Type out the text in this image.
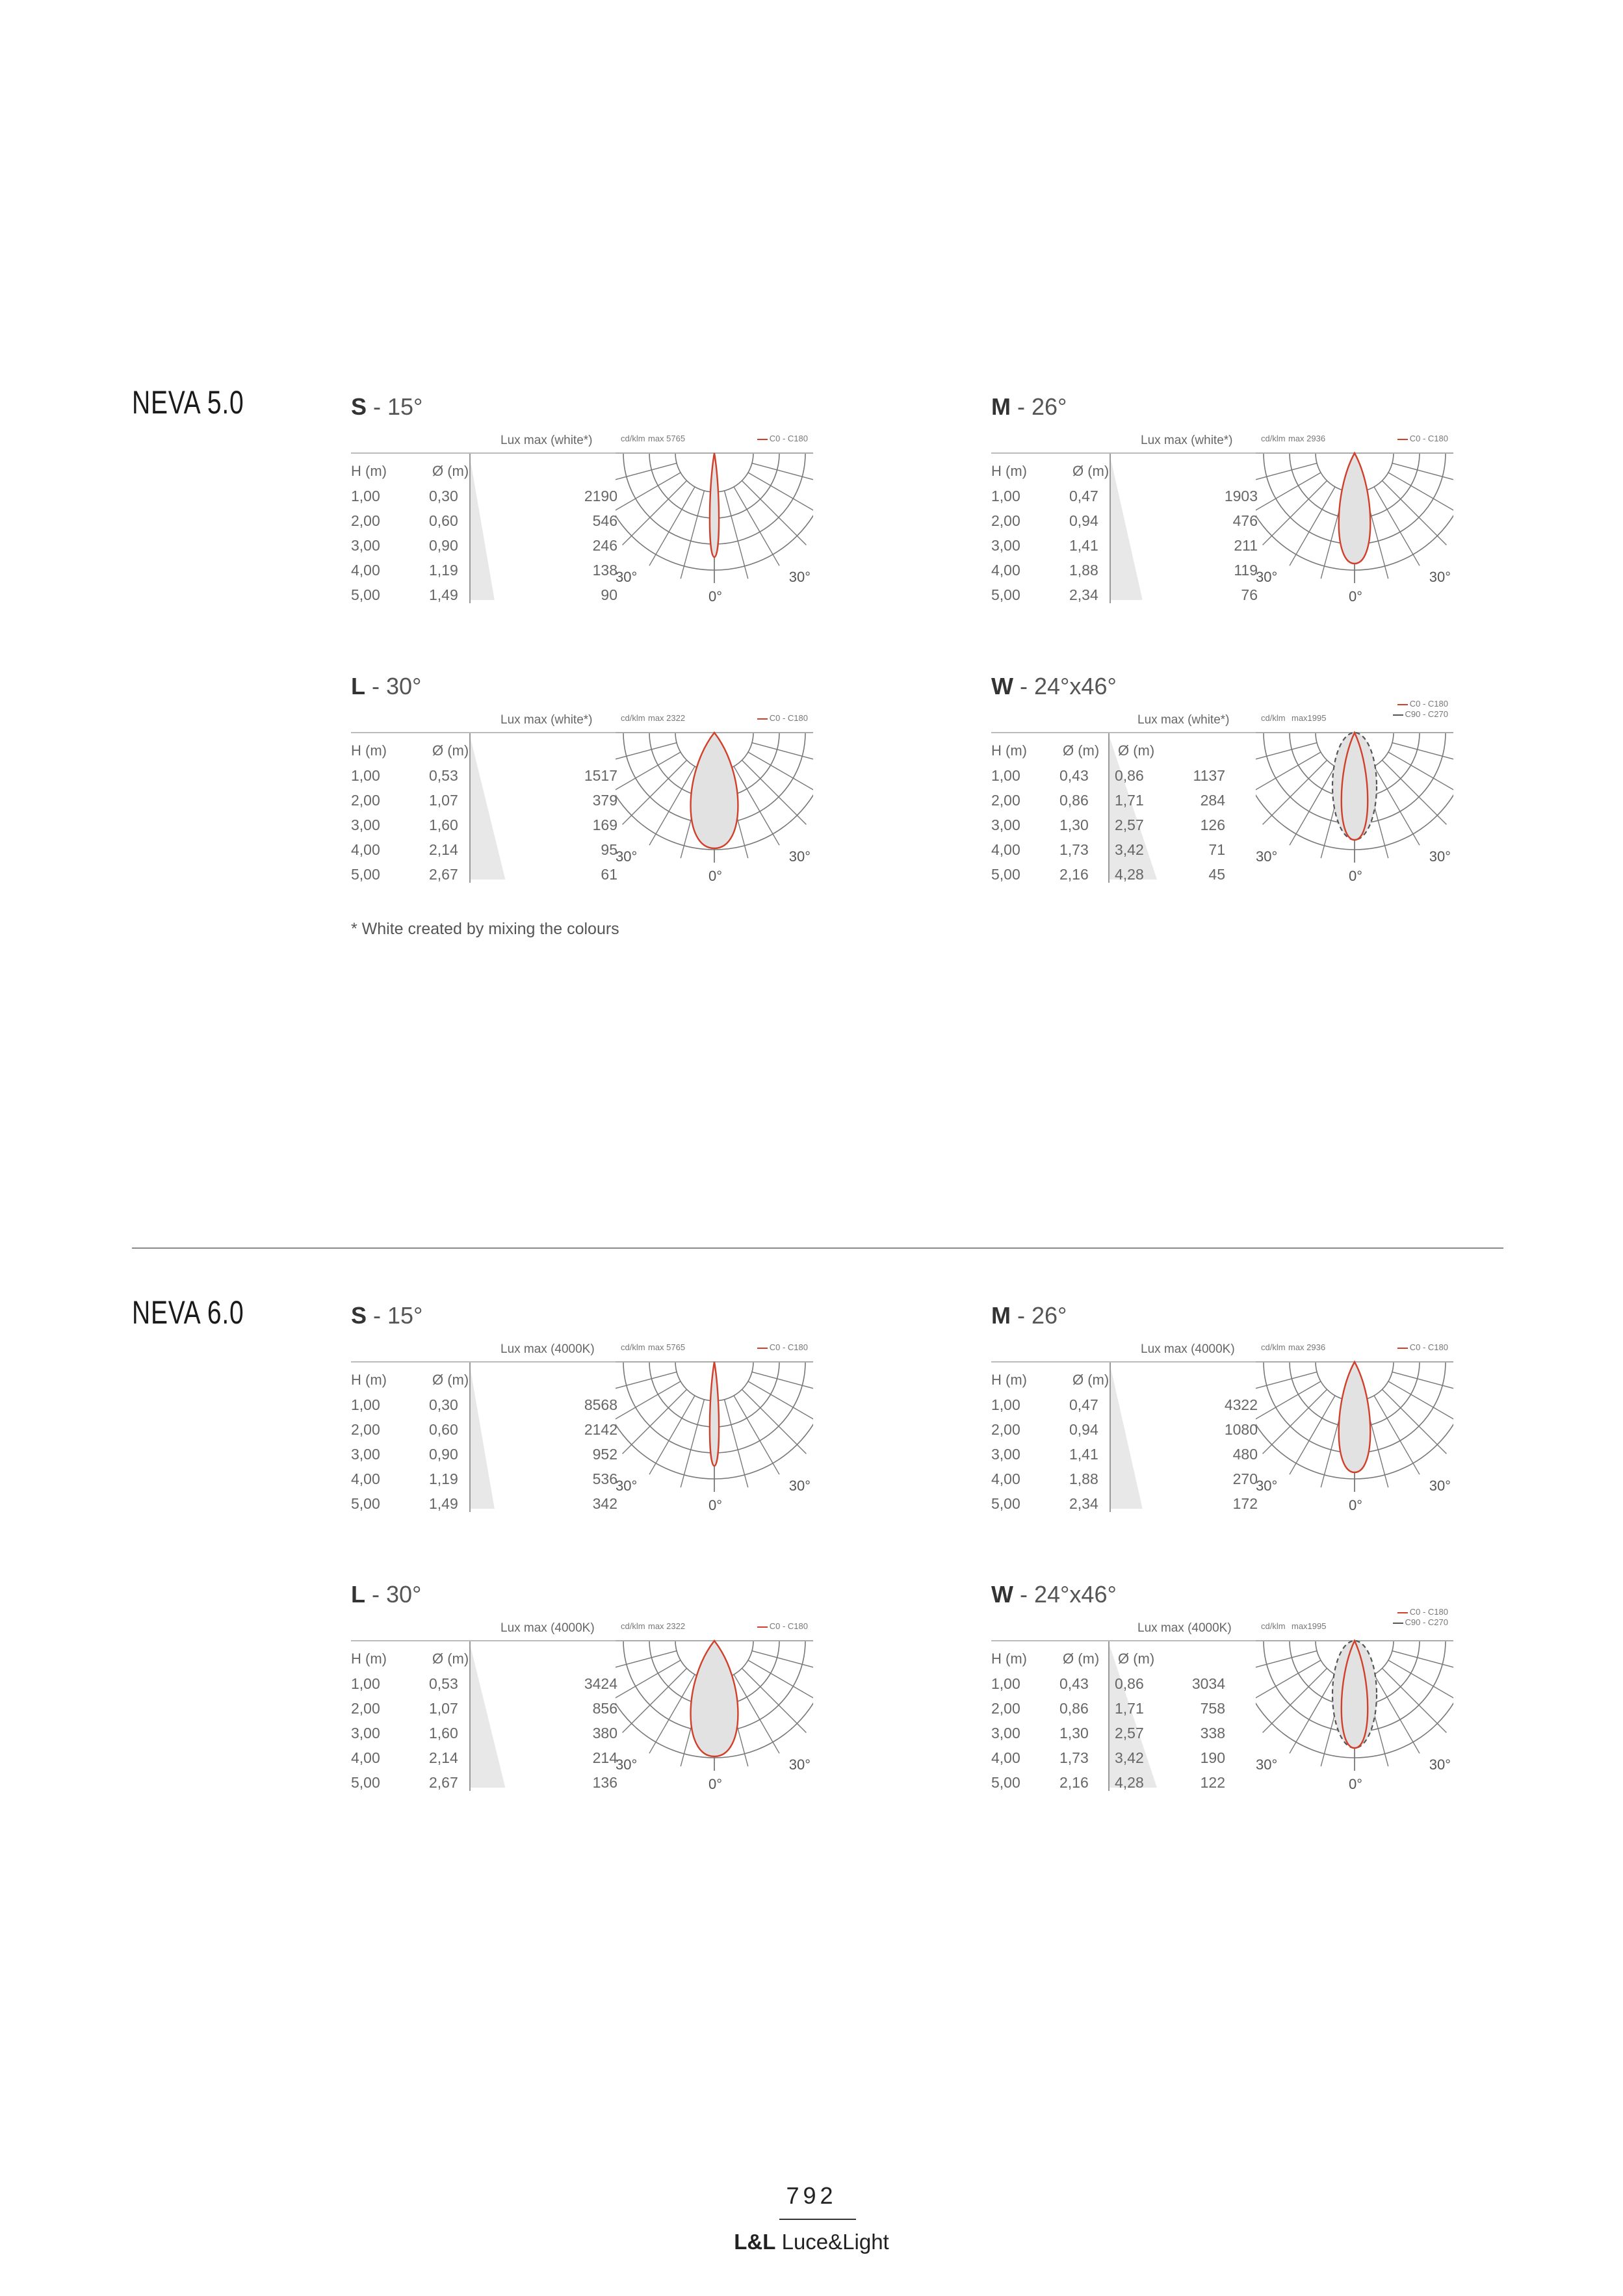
NEVA 5.0
NEVA 6.0
S - 15°
Lux max (white*)
H (m)	Ø (m)
1,00	0,30	2190
2,00	0,60	546
3,00	0,90	246
4,00	1,19	138
5,00	1,49	90
cd/klm max 5765	C0 - C180
30°	30°
0°
M - 26°
Lux max (white*)
H (m)	Ø (m)
1,00	0,47	1903
2,00	0,94	476
3,00	1,41	211
4,00	1,88	119
5,00	2,34	76
cd/klm max 2936	C0 - C180
30°	30°
0°
L - 30°
Lux max (white*)
H (m)	Ø (m)
1,00	0,53	1517
2,00	1,07	379
3,00	1,60	169
4,00	2,14	95
5,00	2,67	61
cd/klm max 2322	C0 - C180
30°	30°
0°
W - 24°x46°
Lux max (white*)
H (m)	Ø (m) Ø (m)
1,00	0,43	0,86	1137
2,00	0,86	1,71	284
3,00	1,30	2,57	126
4,00	1,73	3,42	71
5,00	2,16	4,28	45
cd/klm max1995
C0 - C180
C90 - C270
30°	30°
0°
* White created by mixing the colours
S - 15°
Lux max (4000K)
H (m)	Ø (m)
1,00	0,30	8568
2,00	0,60	2142
3,00	0,90	952
4,00	1,19	536
5,00	1,49	342
cd/klm max 5765	C0 - C180
30°	30°
0°
M - 26°
Lux max (4000K)
H (m)	Ø (m)
1,00	0,47	4322
2,00	0,94	1080
3,00	1,41	480
4,00	1,88	270
5,00	2,34	172
cd/klm max 2936	C0 - C180
30°	30°
0°
L - 30°
Lux max (4000K)
H (m)	Ø (m)
1,00	0,53	3424
2,00	1,07	856
3,00	1,60	380
4,00	2,14	214
5,00	2,67	136
cd/klm max 2322	C0 - C180
30°	30°
0°
W - 24°x46°
Lux max (4000K)
H (m)	Ø (m) Ø (m)
1,00	0,43	0,86	3034
2,00	0,86	1,71	758
3,00	1,30	2,57	338
4,00	1,73	3,42	190
5,00	2,16	4,28	122
cd/klm max1995
C0 - C180
C90 - C270
30°	30°
0°
792
L&L Luce&Light
